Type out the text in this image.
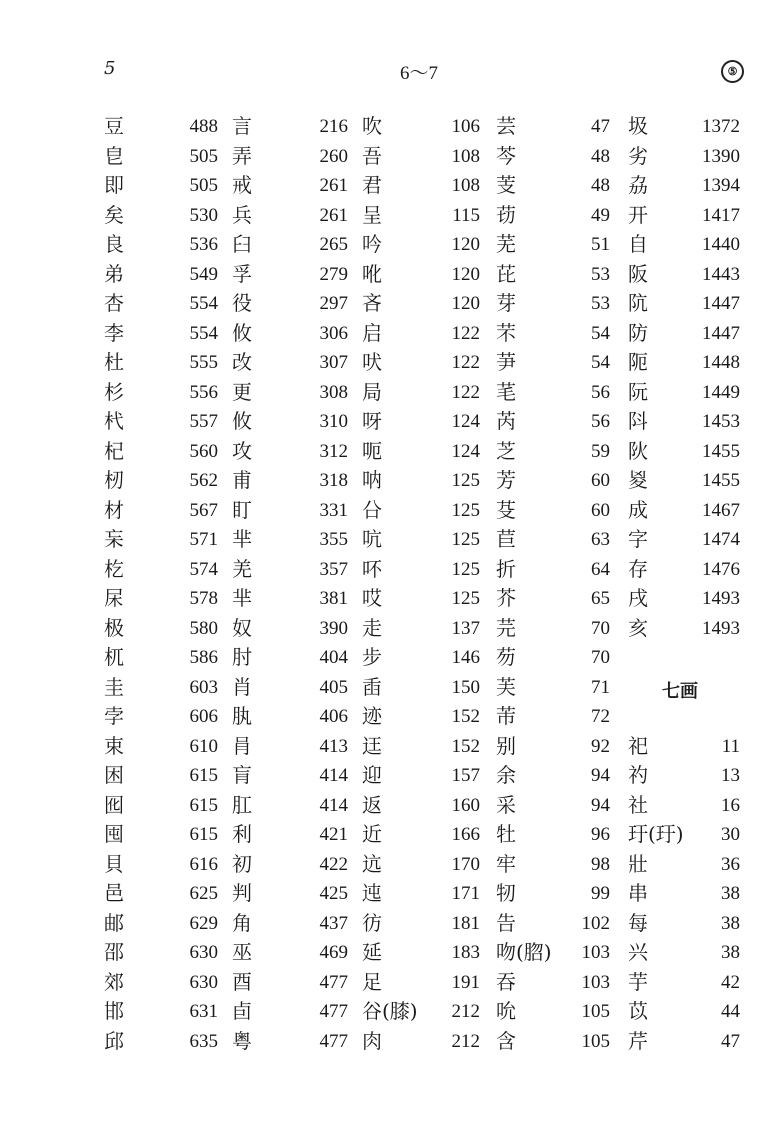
5	6～7	⑤
豆
皀
即
矣
良
弟
杏
李
杜
杉
杙
杞
杒
材
杗
杚
杘
极
杌
圭
孛
束
困
囮
囤
貝
邑
邮
邵
郊
邯
邱
488 言
505 弄
505 戒
530 兵
536 臼
549 孚
554 役
554 攸
555 改
556 更
557 攸
560 攻
562 甫
567 盯
571 芈
574 羌
578 芈
580 奴
586 肘
603 肖
606 肒
610 肙
615 肓
615 肛
615 利
616 初
625 判
629 角
630 巫
630 酉
631 卣
635 粤
216 吹
260 吾
261 君
261 呈
265 吟
279 吪
297 吝
306 启
307 吠
308 局
310 呀
312 呃
318 呐
331 㕣
355 吭
357 吥
381 哎
390 走
404 步
405 臿
406 迹
413 迋
414 迎
414 返
421 近
422 迒
425 迍
437 彷
469 延
477 足
477 谷(膝)
477 肉
106 芸
108 芩
108 芰
115 苆
120 芜
120 芘
120 芽
122 芣
122 芛
122 芼
124 芮
124 芝
125 芳
125 芟
125 苣
125 折
125 芥
137 芫
146 芴
150 芙
152 芾
152 别
157 余
160 采
166 牡
170 牢
171 牣
181 告
183 吻(脗)
191 吞
212 吮
212 含
47 圾
48 劣
48 劦
49 开
51 自
53 阪
53 阬
54 防
54 阨
56 阮
56 阧
59 阦
60 㚇
60 成
63 字
64 存
65 戌
70 亥
70
71
72
92 祀
94 礿
94 社
96 玗(玗)
98 壯
99 串
102 每
103 兴
103 芋
105 苡
105 芹
1372
1390
1394
1417
1440
1443
1447
1447
1448
1449
1453
1455
1455
1467
1474
1476
1493
1493
11
13
16
30
36
38
38
38
42
44
47
七画
